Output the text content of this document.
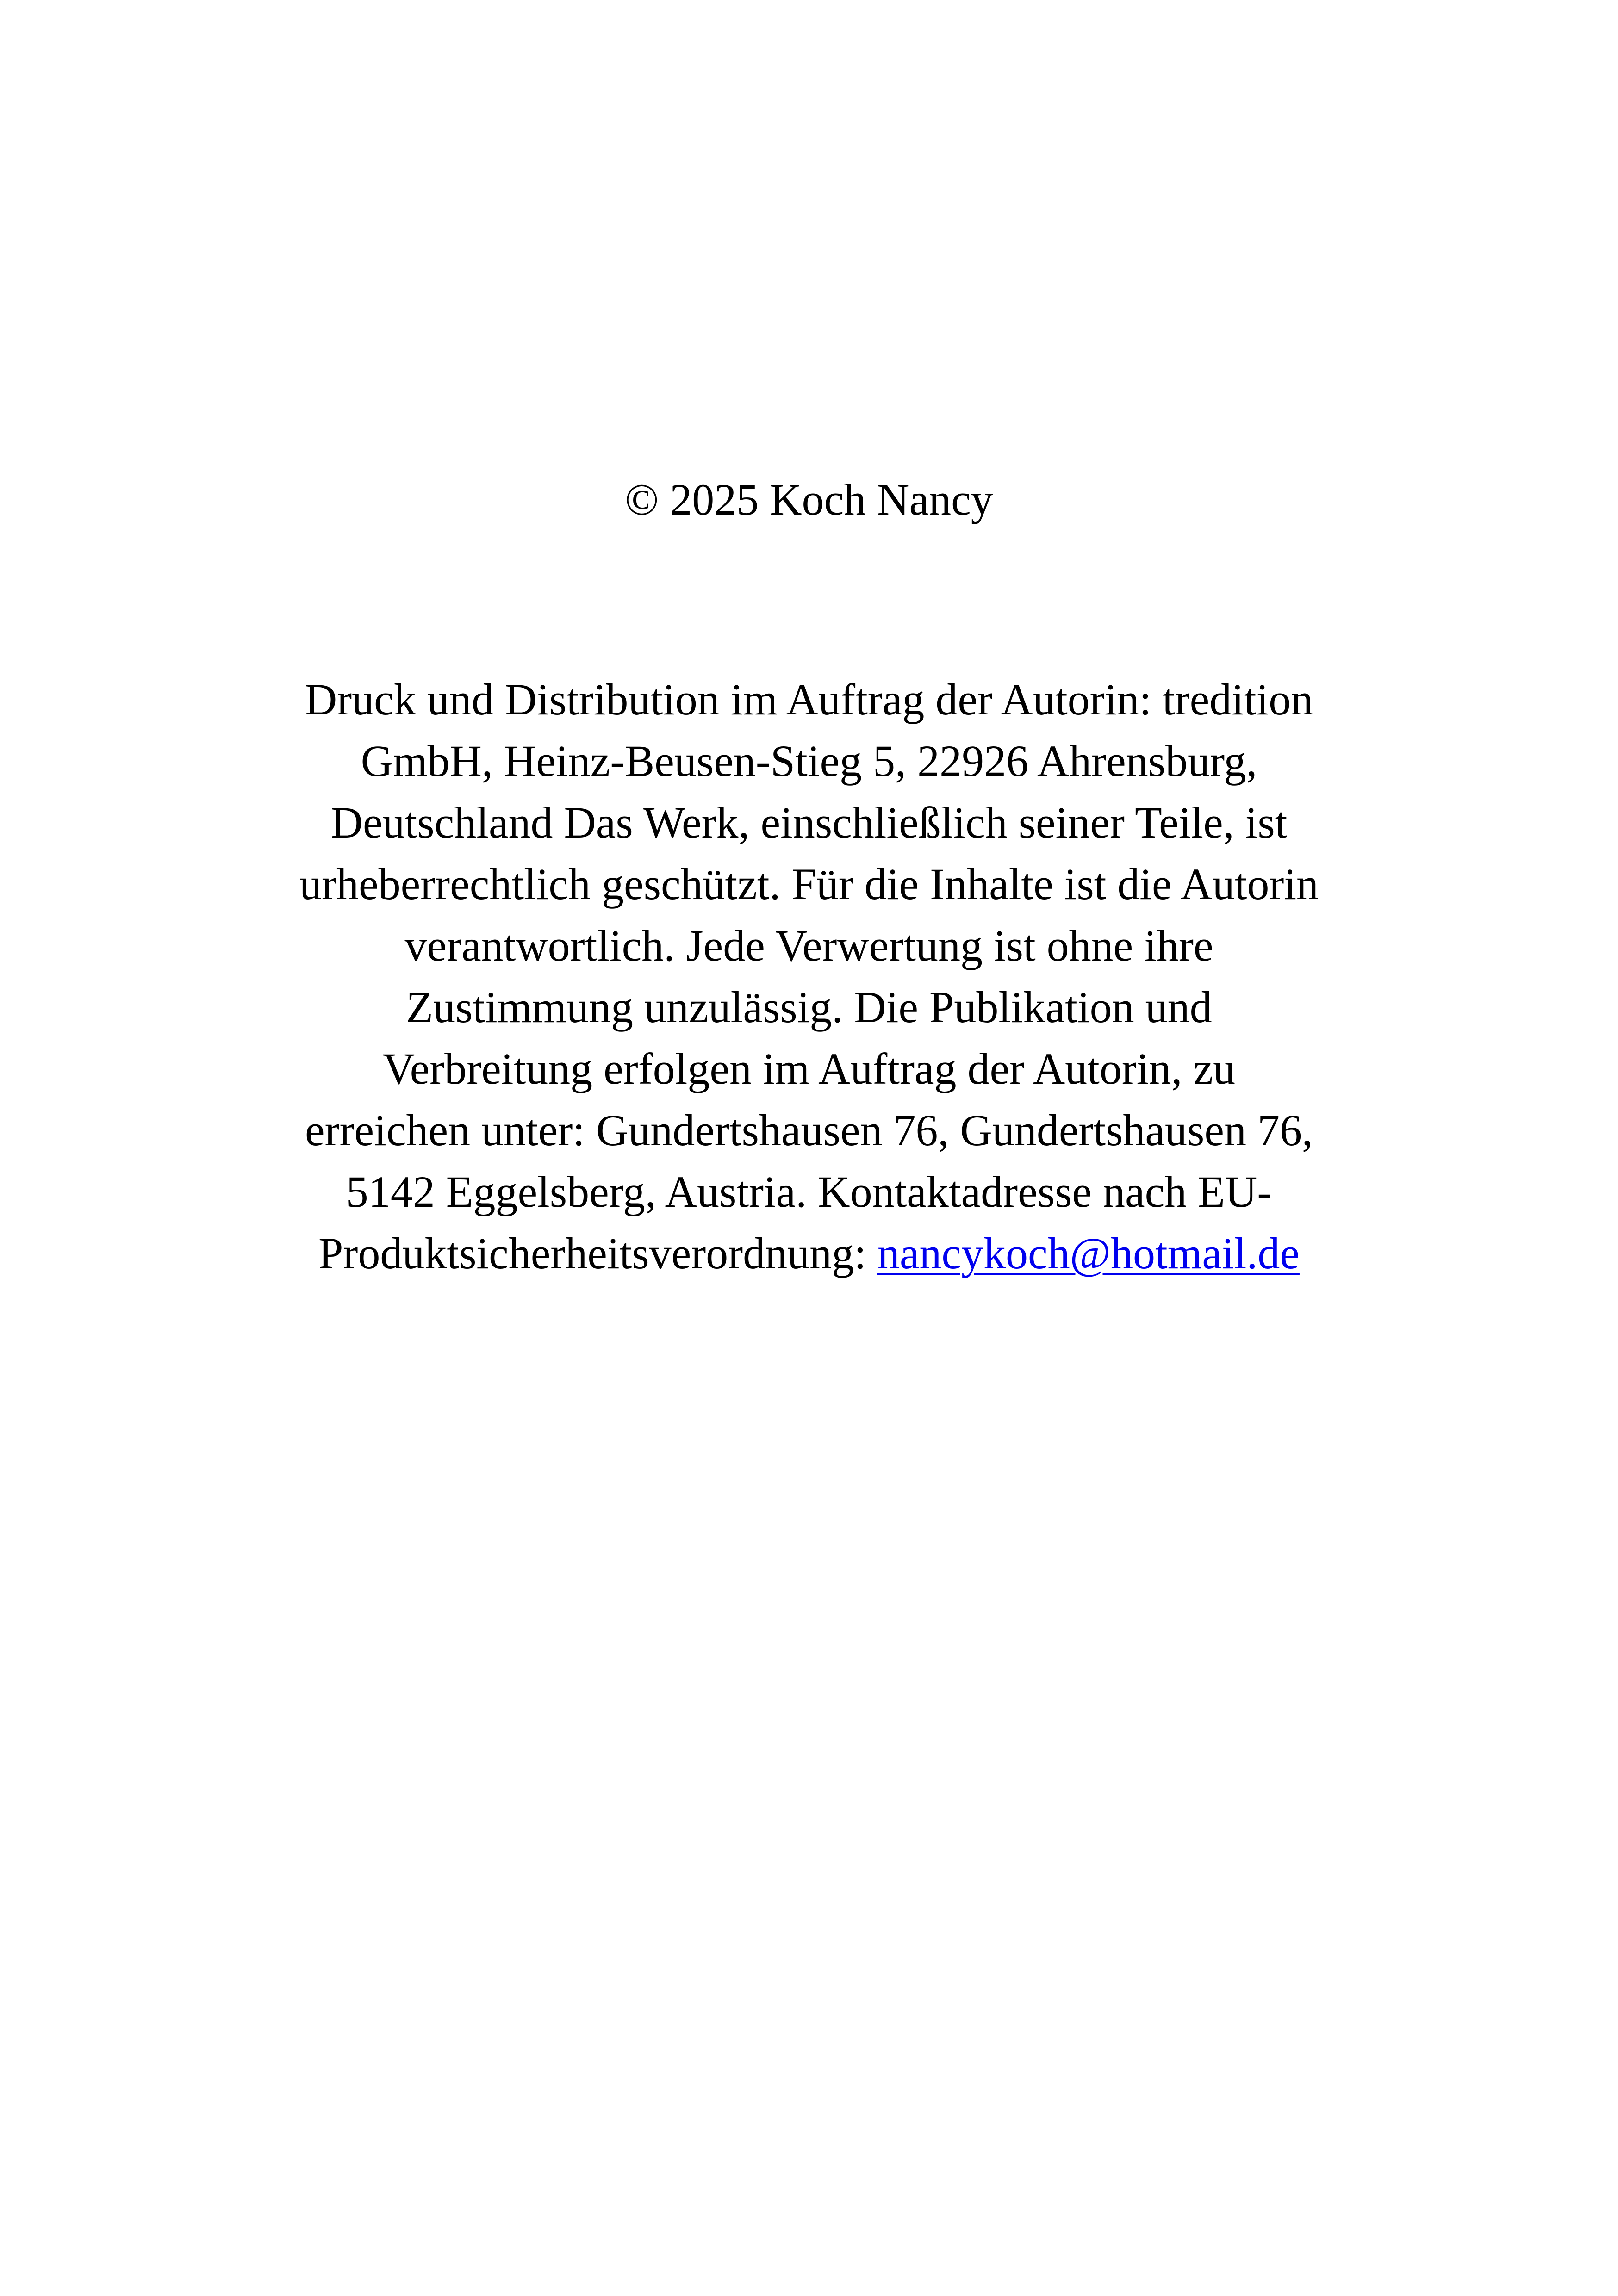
© 2025 Koch Nancy
Druck und Distribution im Auftrag der Autorin: tredition
GmbH, Heinz-Beusen-Stieg 5, 22926 Ahrensburg,
Deutschland Das Werk, einschließlich seiner Teile, ist
urheberrechtlich geschützt. Für die Inhalte ist die Autorin
verantwortlich. Jede Verwertung ist ohne ihre
Zustimmung unzulässig. Die Publikation und
Verbreitung erfolgen im Auftrag der Autorin, zu
erreichen unter: Gundertshausen 76, Gundertshausen 76,
5142 Eggelsberg, Austria. Kontaktadresse nach EU-
Produktsicherheitsverordnung: nancykoch@hotmail.de
